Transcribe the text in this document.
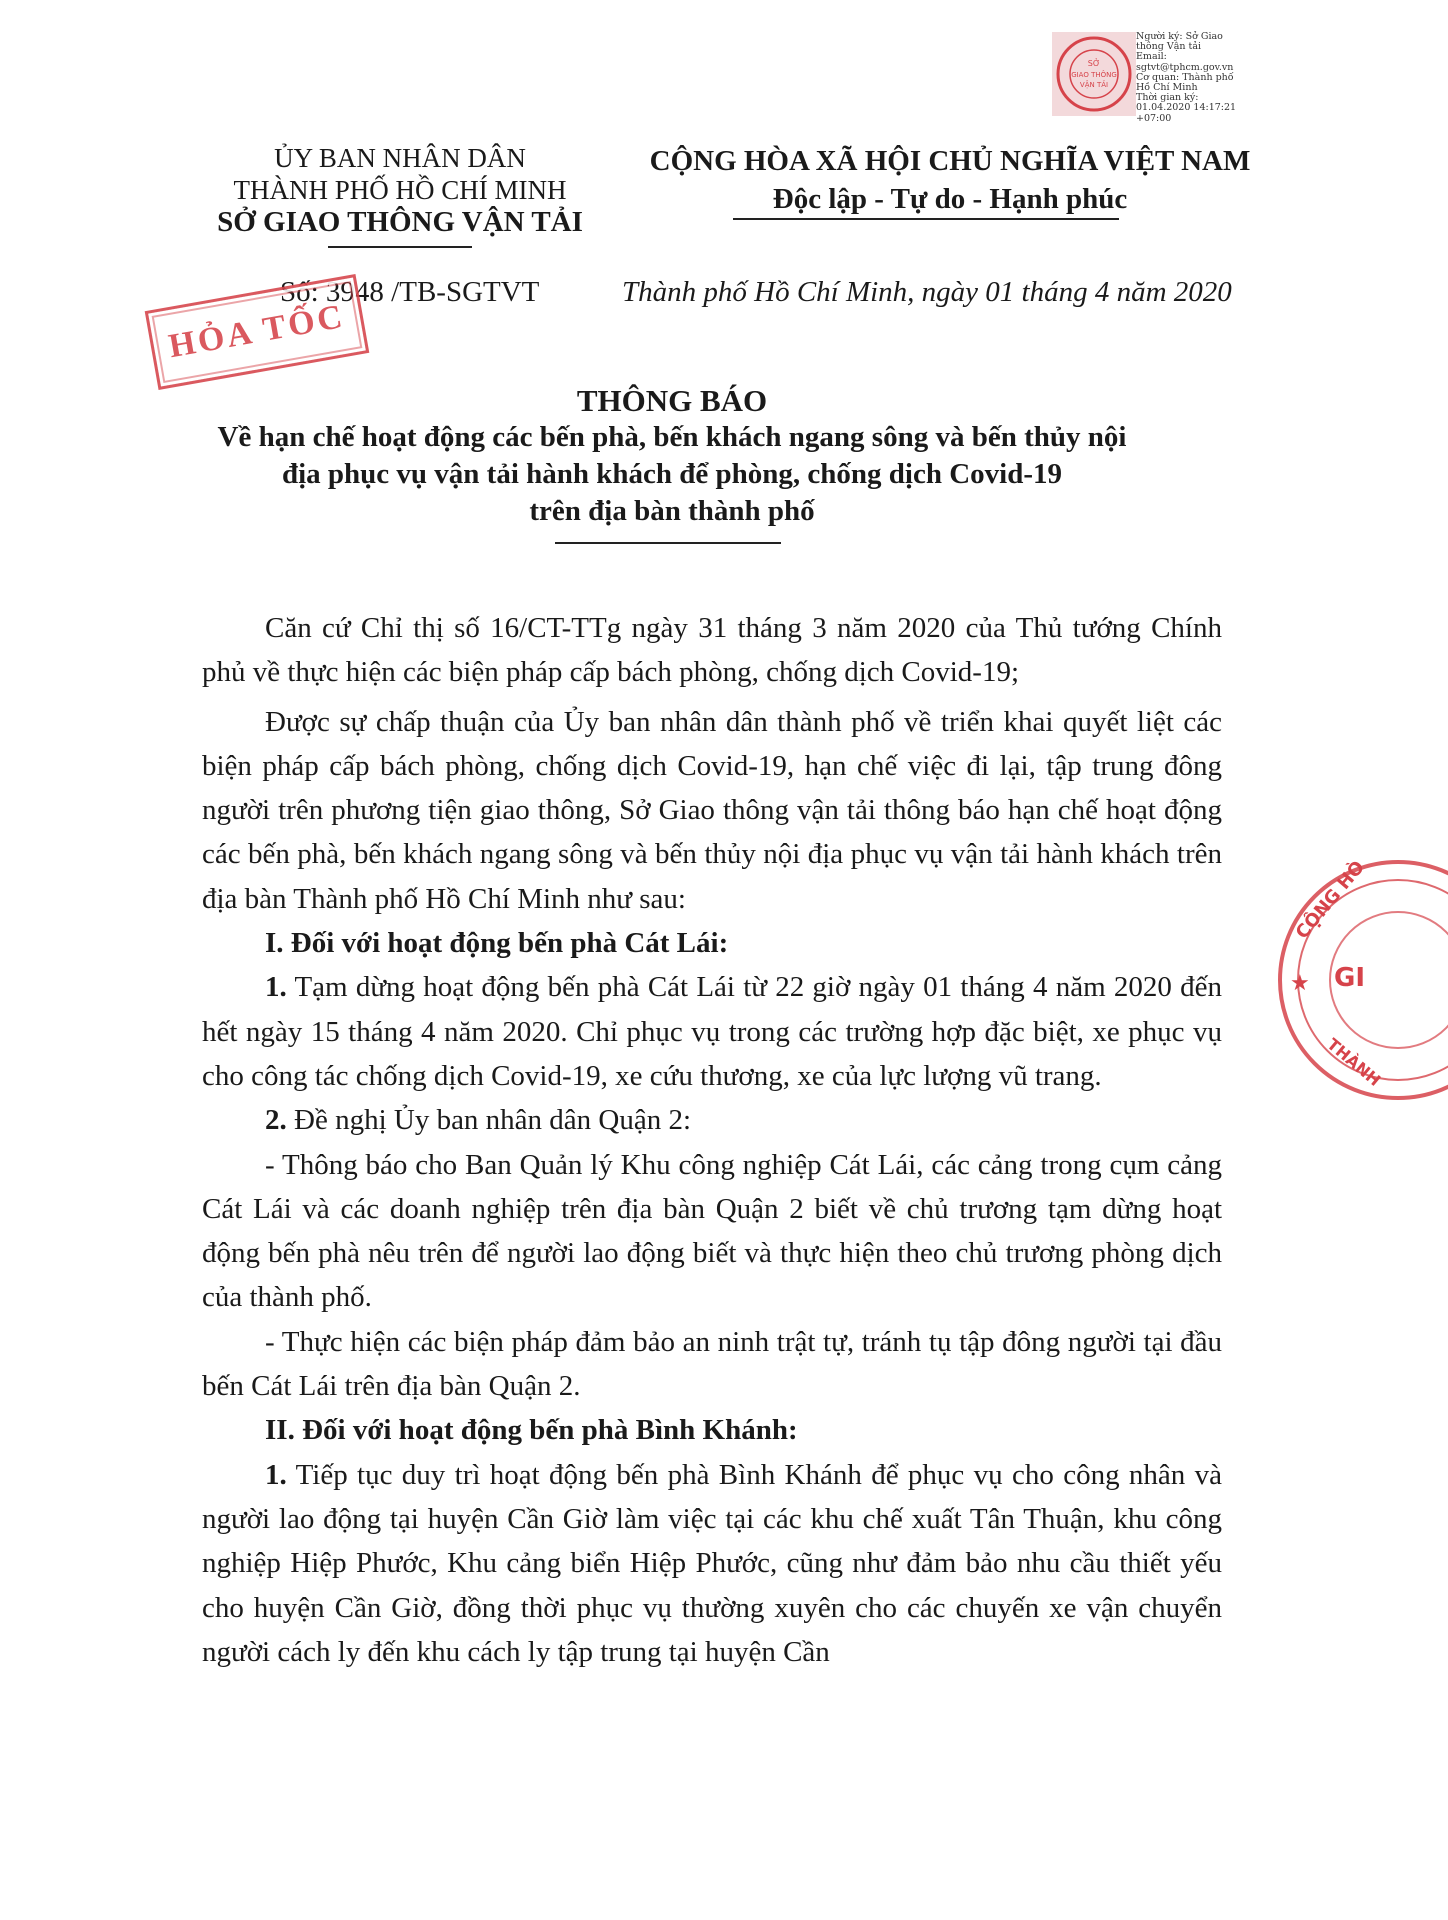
SỞ
GIAO THÔNG
VẬN TẢI
Người ký: Sở Giao
thông Vận tải
Email:
sgtvt@tphcm.gov.vn
Cơ quan: Thành phố
Hồ Chí Minh
Thời gian ký:
01.04.2020 14:17:21
+07:00
ỦY BAN NHÂN DÂN
THÀNH PHỐ HỒ CHÍ MINH
SỞ GIAO THÔNG VẬN TẢI
CỘNG HÒA XÃ HỘI CHỦ NGHĨA VIỆT NAM
Độc lập - Tự do - Hạnh phúc
Số: 3948 /TB-SGTVT	Thành phố Hồ Chí Minh, ngày 01 tháng 4 năm 2020
HỎA TỐC
THÔNG BÁO
Về hạn chế hoạt động các bến phà, bến khách ngang sông và bến thủy nội
địa phục vụ vận tải hành khách để phòng, chống dịch Covid-19
trên địa bàn thành phố

Căn cứ Chỉ thị số 16/CT-TTg ngày 31 tháng 3 năm 2020 của Thủ tướng Chính phủ về thực hiện các biện pháp cấp bách phòng, chống dịch Covid-19;

Được sự chấp thuận của Ủy ban nhân dân thành phố về triển khai quyết liệt các biện pháp cấp bách phòng, chống dịch Covid-19, hạn chế việc đi lại, tập trung đông người trên phương tiện giao thông, Sở Giao thông vận tải thông báo hạn chế hoạt động các bến phà, bến khách ngang sông và bến thủy nội địa phục vụ vận tải hành khách trên địa bàn Thành phố Hồ Chí Minh như sau:

I. Đối với hoạt động bến phà Cát Lái:

1. Tạm dừng hoạt động bến phà Cát Lái từ 22 giờ ngày 01 tháng 4 năm 2020 đến hết ngày 15 tháng 4 năm 2020. Chỉ phục vụ trong các trường hợp đặc biệt, xe phục vụ cho công tác chống dịch Covid-19, xe cứu thương, xe của lực lượng vũ trang.

2. Đề nghị Ủy ban nhân dân Quận 2:

- Thông báo cho Ban Quản lý Khu công nghiệp Cát Lái, các cảng trong cụm cảng Cát Lái và các doanh nghiệp trên địa bàn Quận 2 biết về chủ trương tạm dừng hoạt động bến phà nêu trên để người lao động biết và thực hiện theo chủ trương phòng dịch của thành phố.

- Thực hiện các biện pháp đảm bảo an ninh trật tự, tránh tụ tập đông người tại đầu bến Cát Lái trên địa bàn Quận 2.

II. Đối với hoạt động bến phà Bình Khánh:

1. Tiếp tục duy trì hoạt động bến phà Bình Khánh để phục vụ cho công nhân và người lao động tại huyện Cần Giờ làm việc tại các khu chế xuất Tân Thuận, khu công nghiệp Hiệp Phước, Khu cảng biển Hiệp Phước, cũng như đảm bảo nhu cầu thiết yếu cho huyện Cần Giờ, đồng thời phục vụ thường xuyên cho các chuyến xe vận chuyển người cách ly đến khu cách ly tập trung tại huyện Cần

CỘNG HÒ
GI
★
THÀNH
